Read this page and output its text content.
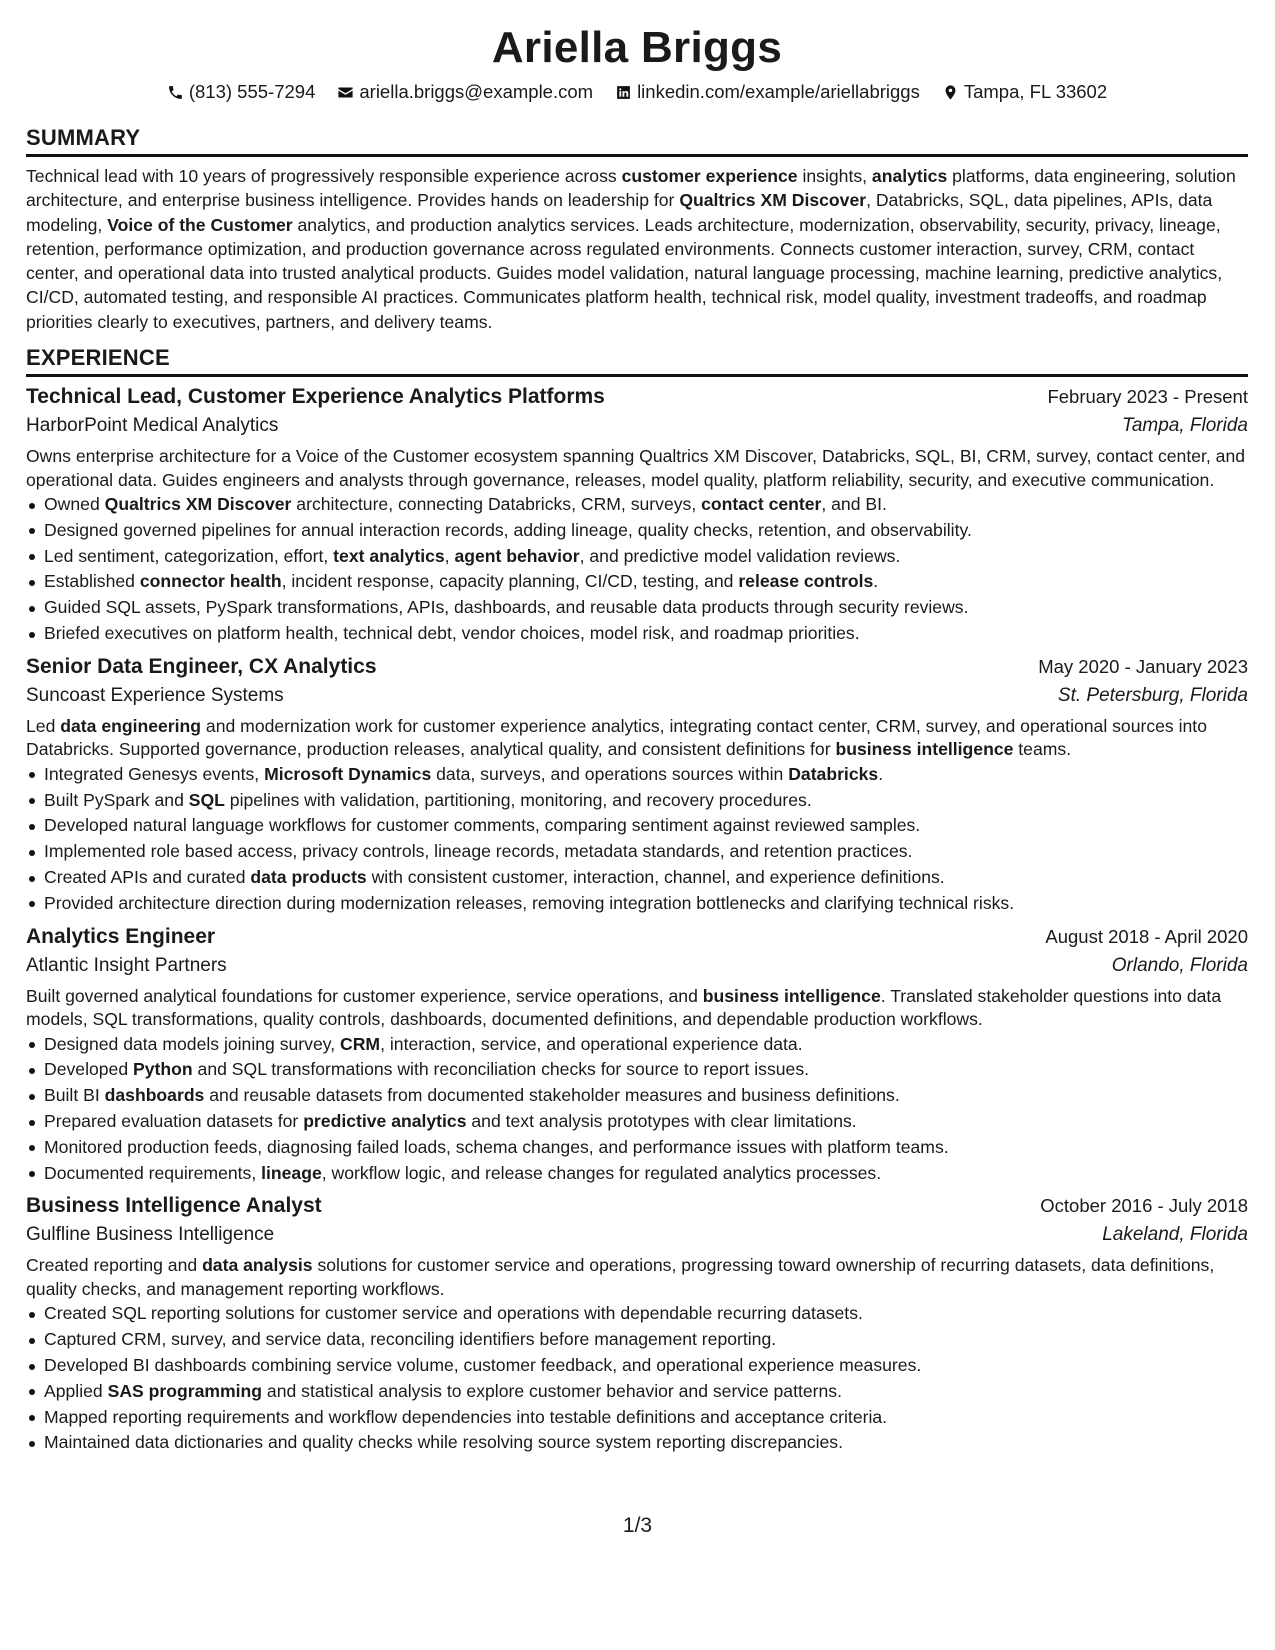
Ariella Briggs
(813) 555-7294 ariella.briggs@example.com linkedin.com/example/ariellabriggs Tampa, FL 33602
SUMMARY
Technical lead with 10 years of progressively responsible experience across customer experience insights, analytics platforms, data engineering, solution architecture, and enterprise business intelligence. Provides hands on leadership for Qualtrics XM Discover, Databricks, SQL, data pipelines, APIs, data modeling, Voice of the Customer analytics, and production analytics services. Leads architecture, modernization, observability, security, privacy, lineage, retention, performance optimization, and production governance across regulated environments. Connects customer interaction, survey, CRM, contact center, and operational data into trusted analytical products. Guides model validation, natural language processing, machine learning, predictive analytics, CI/CD, automated testing, and responsible AI practices. Communicates platform health, technical risk, model quality, investment tradeoffs, and roadmap priorities clearly to executives, partners, and delivery teams.
EXPERIENCE
Technical Lead, Customer Experience Analytics Platforms	February 2023 - Present
HarborPoint Medical Analytics	Tampa, Florida
Owns enterprise architecture for a Voice of the Customer ecosystem spanning Qualtrics XM Discover, Databricks, SQL, BI, CRM, survey, contact center, and operational data. Guides engineers and analysts through governance, releases, model quality, platform reliability, security, and executive communication.
Owned Qualtrics XM Discover architecture, connecting Databricks, CRM, surveys, contact center, and BI.
Designed governed pipelines for annual interaction records, adding lineage, quality checks, retention, and observability.
Led sentiment, categorization, effort, text analytics, agent behavior, and predictive model validation reviews.
Established connector health, incident response, capacity planning, CI/CD, testing, and release controls.
Guided SQL assets, PySpark transformations, APIs, dashboards, and reusable data products through security reviews.
Briefed executives on platform health, technical debt, vendor choices, model risk, and roadmap priorities.
Senior Data Engineer, CX Analytics	May 2020 - January 2023
Suncoast Experience Systems	St. Petersburg, Florida
Led data engineering and modernization work for customer experience analytics, integrating contact center, CRM, survey, and operational sources into Databricks. Supported governance, production releases, analytical quality, and consistent definitions for business intelligence teams.
Integrated Genesys events, Microsoft Dynamics data, surveys, and operations sources within Databricks.
Built PySpark and SQL pipelines with validation, partitioning, monitoring, and recovery procedures.
Developed natural language workflows for customer comments, comparing sentiment against reviewed samples.
Implemented role based access, privacy controls, lineage records, metadata standards, and retention practices.
Created APIs and curated data products with consistent customer, interaction, channel, and experience definitions.
Provided architecture direction during modernization releases, removing integration bottlenecks and clarifying technical risks.
Analytics Engineer	August 2018 - April 2020
Atlantic Insight Partners	Orlando, Florida
Built governed analytical foundations for customer experience, service operations, and business intelligence. Translated stakeholder questions into data models, SQL transformations, quality controls, dashboards, documented definitions, and dependable production workflows.
Designed data models joining survey, CRM, interaction, service, and operational experience data.
Developed Python and SQL transformations with reconciliation checks for source to report issues.
Built BI dashboards and reusable datasets from documented stakeholder measures and business definitions.
Prepared evaluation datasets for predictive analytics and text analysis prototypes with clear limitations.
Monitored production feeds, diagnosing failed loads, schema changes, and performance issues with platform teams.
Documented requirements, lineage, workflow logic, and release changes for regulated analytics processes.
Business Intelligence Analyst	October 2016 - July 2018
Gulfline Business Intelligence	Lakeland, Florida
Created reporting and data analysis solutions for customer service and operations, progressing toward ownership of recurring datasets, data definitions, quality checks, and management reporting workflows.
Created SQL reporting solutions for customer service and operations with dependable recurring datasets.
Captured CRM, survey, and service data, reconciling identifiers before management reporting.
Developed BI dashboards combining service volume, customer feedback, and operational experience measures.
Applied SAS programming and statistical analysis to explore customer behavior and service patterns.
Mapped reporting requirements and workflow dependencies into testable definitions and acceptance criteria.
Maintained data dictionaries and quality checks while resolving source system reporting discrepancies.
1/3
